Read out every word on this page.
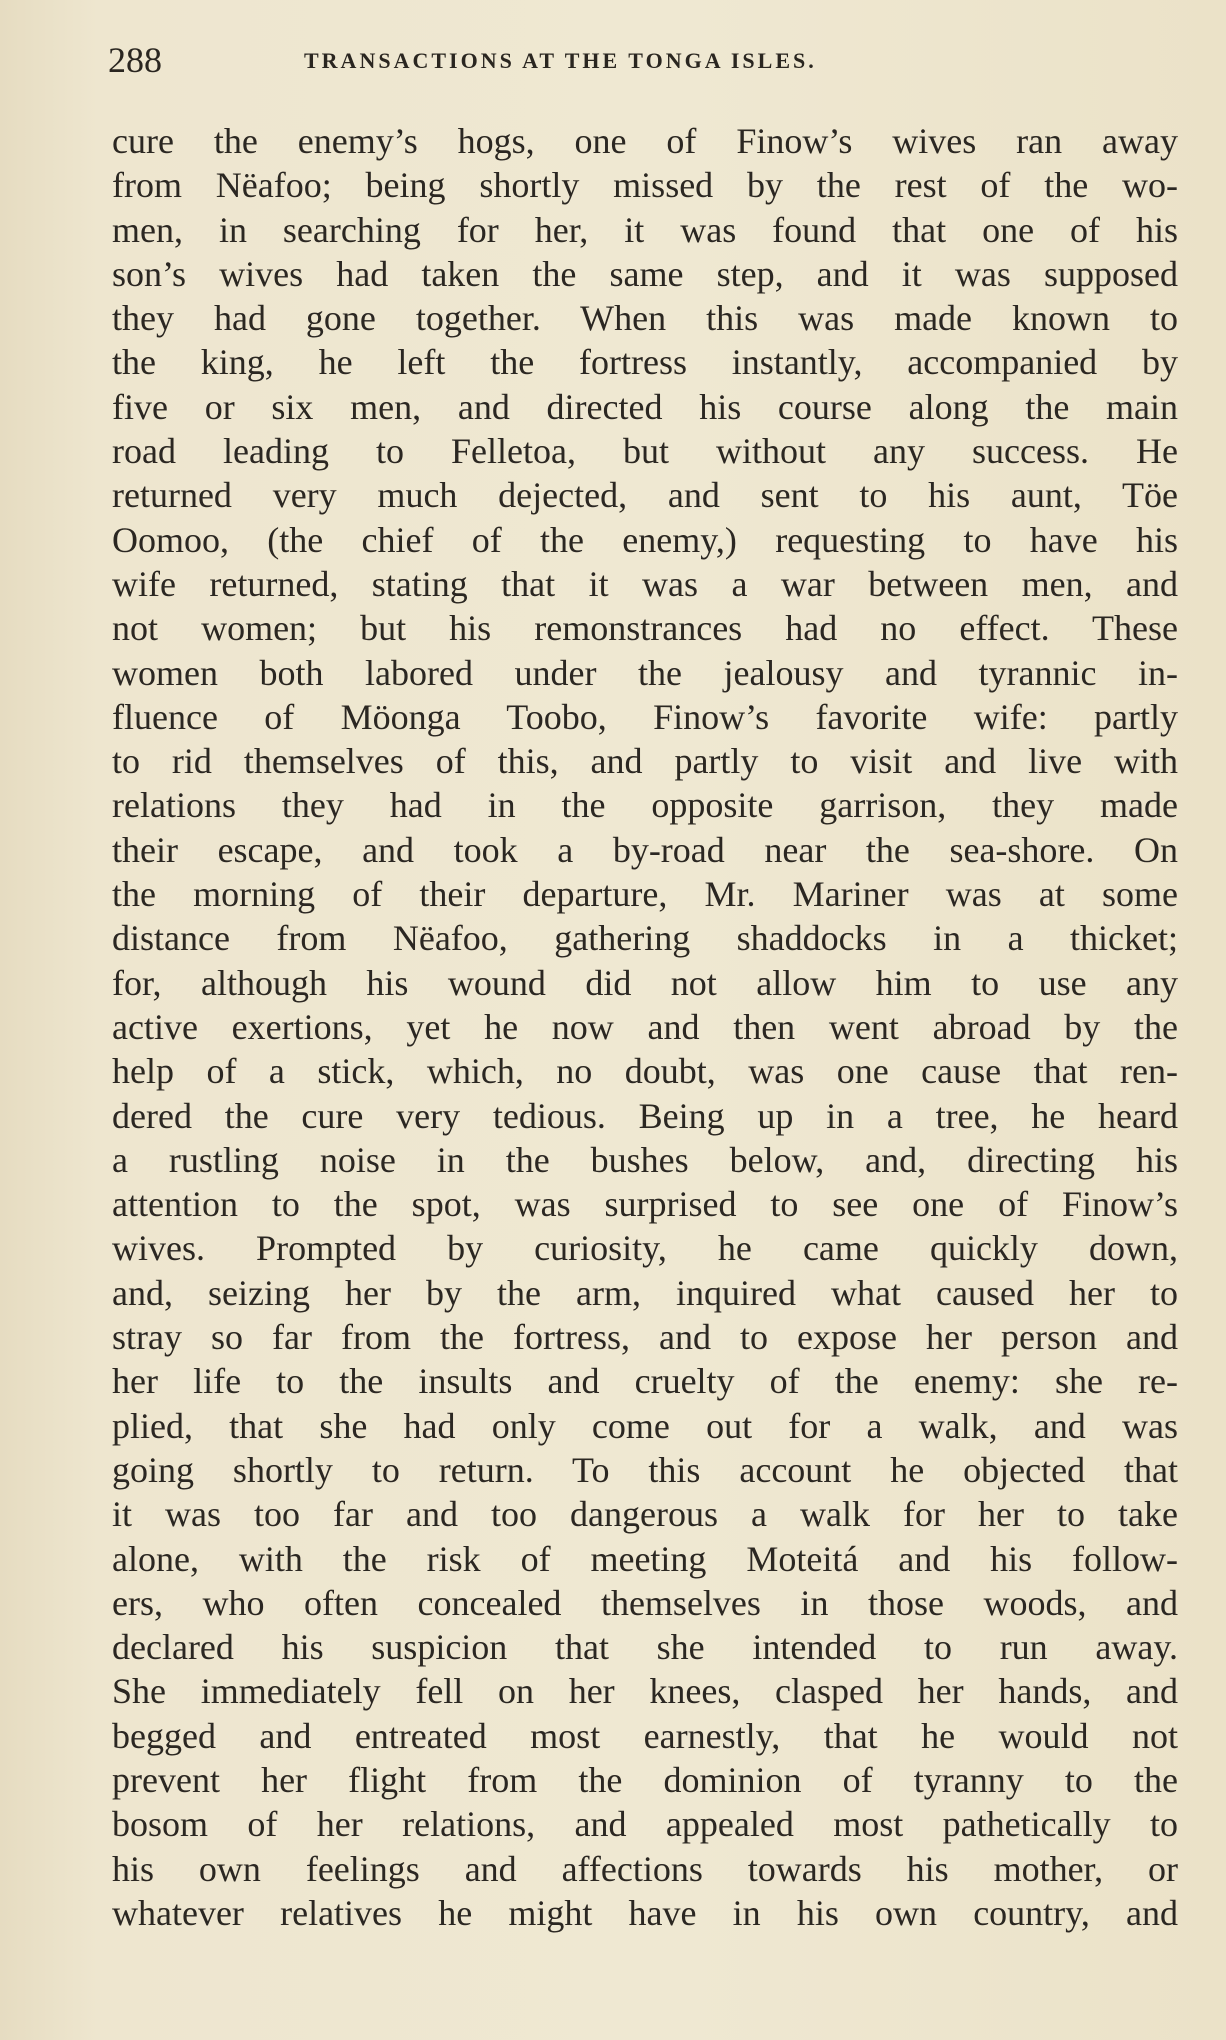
288	TRANSACTIONS AT THE TONGA ISLES.
cure the enemy’s hogs, one of Finow’s wives ran away
from Nëafoo; being shortly missed by the rest of the wo-
men, in searching for her, it was found that one of his
son’s wives had taken the same step, and it was supposed
they had gone together. When this was made known to
the king, he left the fortress instantly, accompanied by
five or six men, and directed his course along the main
road leading to Felletoa, but without any success. He
returned very much dejected, and sent to his aunt, Töe
Oomoo, (the chief of the enemy,) requesting to have his
wife returned, stating that it was a war between men, and
not women; but his remonstrances had no effect. These
women both labored under the jealousy and tyrannic in-
fluence of Möonga Toobo, Finow’s favorite wife: partly
to rid themselves of this, and partly to visit and live with
relations they had in the opposite garrison, they made
their escape, and took a by-road near the sea-shore. On
the morning of their departure, Mr. Mariner was at some
distance from Nëafoo, gathering shaddocks in a thicket;
for, although his wound did not allow him to use any
active exertions, yet he now and then went abroad by the
help of a stick, which, no doubt, was one cause that ren-
dered the cure very tedious. Being up in a tree, he heard
a rustling noise in the bushes below, and, directing his
attention to the spot, was surprised to see one of Finow’s
wives. Prompted by curiosity, he came quickly down,
and, seizing her by the arm, inquired what caused her to
stray so far from the fortress, and to expose her person and
her life to the insults and cruelty of the enemy: she re-
plied, that she had only come out for a walk, and was
going shortly to return. To this account he objected that
it was too far and too dangerous a walk for her to take
alone, with the risk of meeting Moteitá and his follow-
ers, who often concealed themselves in those woods, and
declared his suspicion that she intended to run away.
She immediately fell on her knees, clasped her hands, and
begged and entreated most earnestly, that he would not
prevent her flight from the dominion of tyranny to the
bosom of her relations, and appealed most pathetically to
his own feelings and affections towards his mother, or
whatever relatives he might have in his own country, and
